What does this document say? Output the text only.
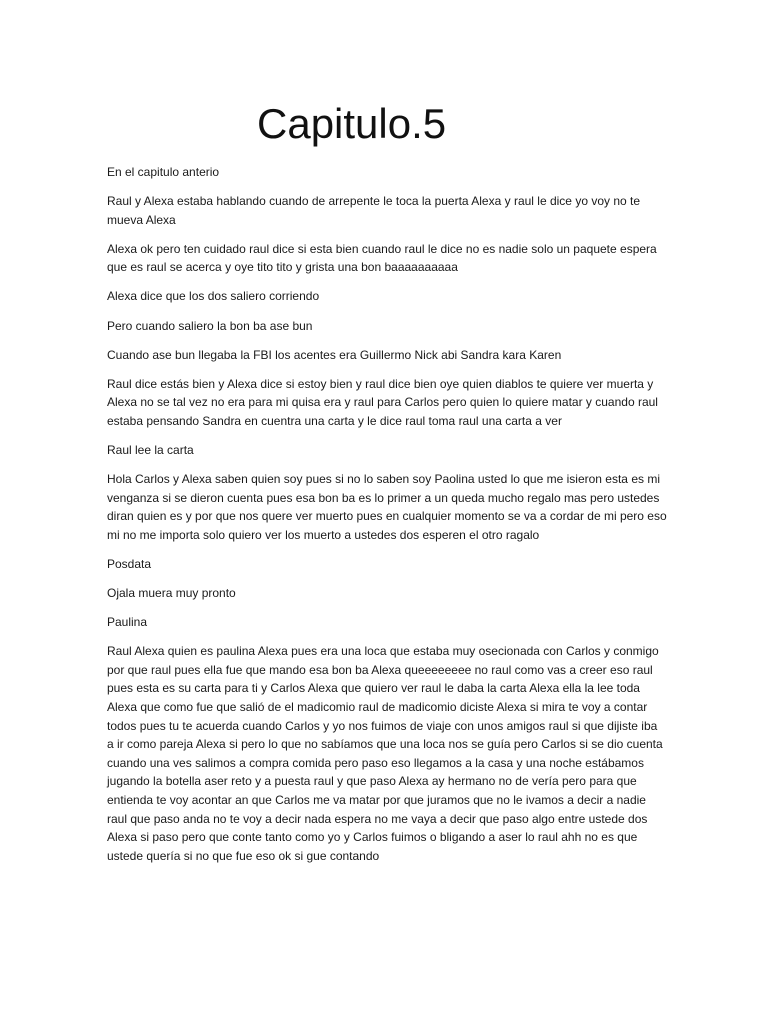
Capitulo.5

En el capitulo anterio

Raul y Alexa estaba hablando cuando de arrepente le toca la puerta Alexa y raul le dice yo voy no te mueva Alexa

Alexa ok pero ten cuidado raul dice si esta bien cuando raul le dice no es nadie solo un paquete espera que es raul se acerca y oye tito tito y grista una bon baaaaaaaaaa

Alexa dice que los dos saliero corriendo

Pero cuando saliero la bon ba ase bun

Cuando ase bun llegaba la FBI los acentes era Guillermo Nick abi Sandra kara Karen

Raul dice estás bien y Alexa dice si estoy bien y raul dice bien oye quien diablos te quiere ver muerta y Alexa no se tal vez no era para mi quisa era y raul para Carlos pero quien lo quiere matar y cuando raul estaba pensando Sandra en cuentra una carta y le dice raul toma raul una carta a ver

Raul lee la carta

Hola Carlos y Alexa saben quien soy pues si no lo saben soy Paolina usted lo que me isieron esta es mi venganza si se dieron cuenta pues esa bon ba es lo primer a un queda mucho regalo mas pero ustedes diran quien es y por que nos quere ver muerto pues en cualquier momento se va a cordar de mi pero eso mi no me importa solo quiero ver los muerto a ustedes dos esperen el otro ragalo

Posdata

Ojala muera muy pronto

Paulina

Raul Alexa quien es paulina Alexa pues era una loca que estaba muy osecionada con Carlos y conmigo por que raul pues ella fue que mando esa bon ba Alexa queeeeeeee no raul como vas a creer eso raul pues esta es su carta para ti y Carlos Alexa que quiero ver raul le daba la carta Alexa ella la lee toda Alexa que como fue que salió de el madicomio raul de madicomio diciste Alexa si mira te voy a contar todos pues tu te acuerda cuando Carlos y yo nos fuimos de viaje con unos amigos raul si que dijiste iba a ir como pareja Alexa si pero lo que no sabíamos que una loca nos se guía pero Carlos si se dio cuenta cuando una ves salimos a compra comida pero paso eso llegamos a la casa y una noche estábamos jugando la botella aser reto y a puesta raul y que paso Alexa ay hermano no de vería pero para que entienda te voy acontar an que Carlos me va matar por que juramos que no le ivamos a decir a nadie raul que paso anda no te voy a decir nada espera no me vaya a decir que paso algo entre ustede dos Alexa si paso pero que conte tanto como yo y Carlos fuimos o bligando a aser lo raul ahh no es que ustede quería si no que fue eso ok si gue contando
